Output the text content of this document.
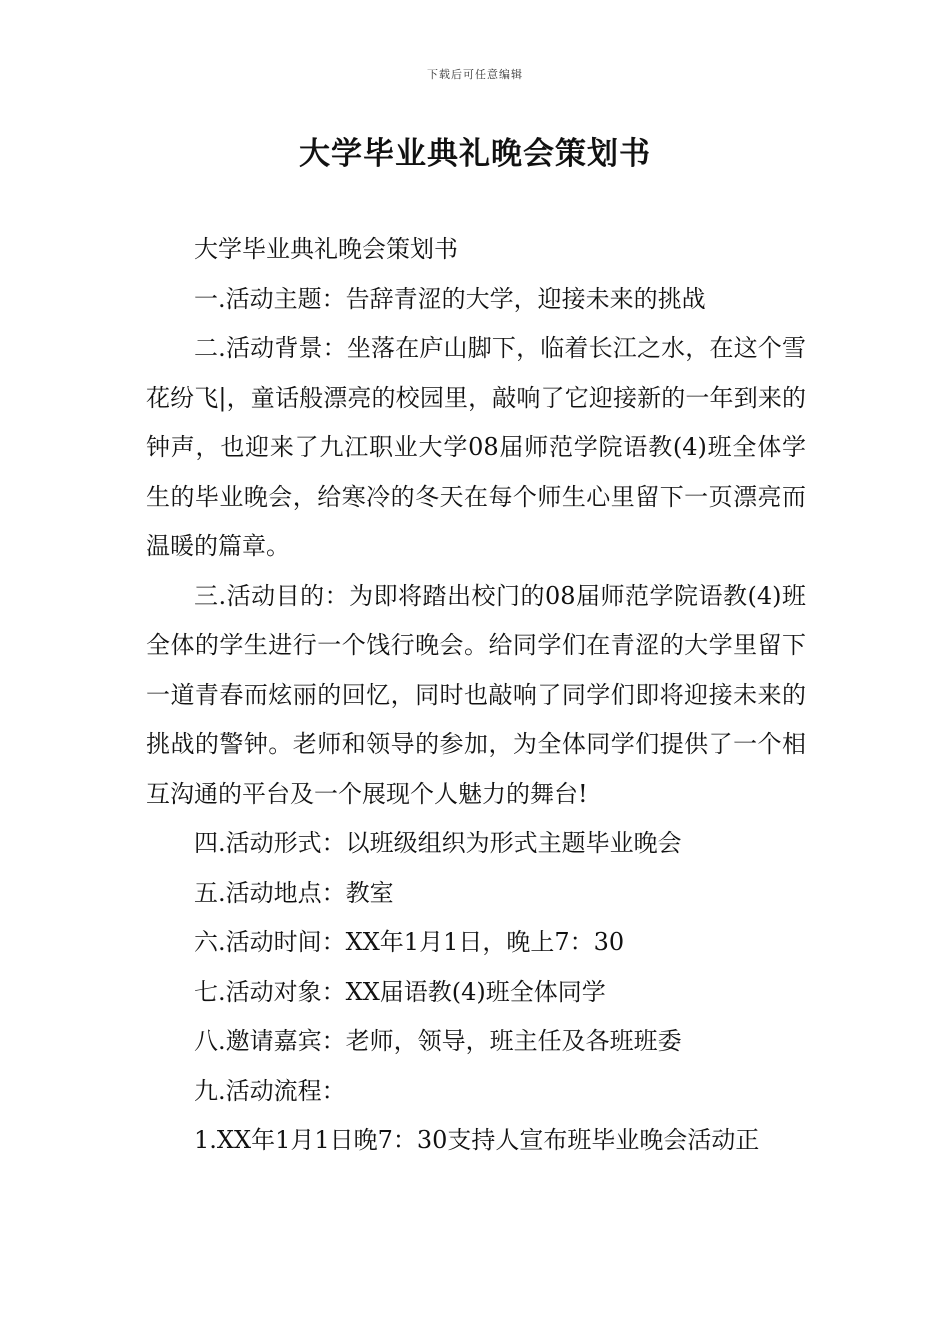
下载后可任意编辑
大学毕业典礼晚会策划书

大学毕业典礼晚会策划书

一.活动主题：告辞青涩的大学，迎接未来的挑战

二.活动背景：坐落在庐山脚下，临着长江之水，在这个雪花纷飞|，童话般漂亮的校园里，敲响了它迎接新的一年到来的钟声，也迎来了九江职业大学08届师范学院语教(4)班全体学生的毕业晚会，给寒冷的冬天在每个师生心里留下一页漂亮而温暖的篇章。

三.活动目的：为即将踏出校门的08届师范学院语教(4)班全体的学生进行一个饯行晚会。给同学们在青涩的大学里留下一道青春而炫丽的回忆，同时也敲响了同学们即将迎接未来的挑战的警钟。老师和领导的参加，为全体同学们提供了一个相互沟通的平台及一个展现个人魅力的舞台!

四.活动形式：以班级组织为形式主题毕业晚会

五.活动地点：教室

六.活动时间：XX年1月1日，晚上7：30

七.活动对象：XX届语教(4)班全体同学

八.邀请嘉宾：老师，领导，班主任及各班班委

九.活动流程：

1.XX年1月1日晚7：30支持人宣布班毕业晚会活动正
